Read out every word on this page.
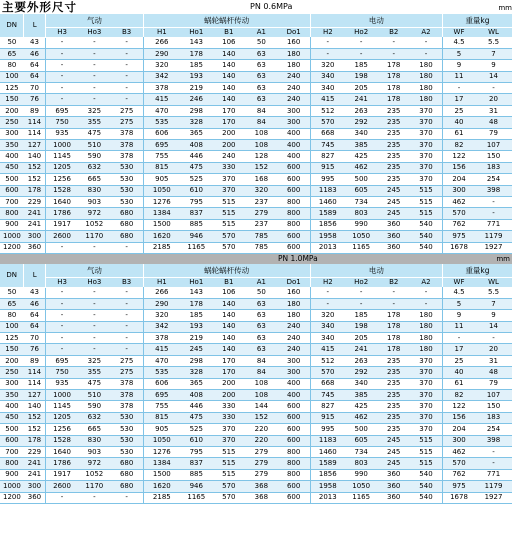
主要外形尺寸	PN 0.6MPa	mm
DN	L	气动			蜗轮蜗杆传动					电动				重量kg	
		H3	Ho3	B3	H1	Ho1	B1	A1	Do1	H2	Ho2	B2	A2	WF	WL
50	43	-	-	-	266	143	106	50	160	-	-	-	-	4.5	5.5
65	46	-	-	-	290	178	140	63	180	-	-	-	-	5	7
80	64	-	-	-	320	185	140	63	180	320	185	178	180	9	9
100	64	-	-	-	342	193	140	63	240	340	198	178	180	11	14
125	70	-	-	-	378	219	140	63	240	340	205	178	180	-	-
150	76	-	-	-	415	246	140	63	240	415	241	178	180	17	20
200	89	695	325	275	470	298	170	84	300	512	263	235	370	25	31
250	114	750	355	275	535	328	170	84	300	570	292	235	370	40	48
300	114	935	475	378	606	365	200	108	400	668	340	235	370	61	79
350	127	1000	510	378	695	408	200	108	400	745	385	235	370	82	107
400	140	1145	590	378	755	446	240	128	400	827	425	235	370	122	150
450	152	1205	632	530	815	475	330	152	600	915	462	235	370	156	183
500	152	1256	665	530	905	525	370	168	600	995	500	235	370	204	254
600	178	1528	830	530	1050	610	370	320	600	1183	605	245	515	300	398
700	229	1640	903	530	1276	795	515	237	800	1460	734	245	515	462	-
800	241	1786	972	680	1384	837	515	279	800	1589	803	245	515	570	-
900	241	1917	1052	680	1500	885	515	237	800	1856	990	360	540	762	771
1000	300	2600	1170	680	1620	946	570	785	600	1958	1050	360	540	975	1179
1200	360	-	-	-	2185	1165	570	785	600	2013	1165	360	540	1678	1927
PN 1.0MPa	mm
DN	L	气动			蜗轮蜗杆传动					电动				重量kg	
		H3	Ho3	B3	H1	Ho1	B1	A1	Do1	H2	Ho2	B2	A2	WF	WL
50	43	-	-	-	266	143	106	50	160	-	-	-	-	4.5	5.5
65	46	-	-	-	290	178	140	63	180	-	-	-	-	5	7
80	64	-	-	-	320	185	140	63	180	320	185	178	180	9	9
100	64	-	-	-	342	193	140	63	240	340	198	178	180	11	14
125	70	-	-	-	378	219	140	63	240	340	205	178	180	-	-
150	76	-	-	-	415	245	140	63	240	415	241	178	180	17	20
200	89	695	325	275	470	298	170	84	300	512	263	235	370	25	31
250	114	750	355	275	535	328	170	84	300	570	292	235	370	40	48
300	114	935	475	378	606	365	200	108	400	668	340	235	370	61	79
350	127	1000	510	378	695	408	200	108	400	745	385	235	370	82	107
400	140	1145	590	378	755	446	330	144	600	827	425	235	370	122	150
450	152	1205	632	530	815	475	330	152	600	915	462	235	370	156	183
500	152	1256	665	530	905	525	370	220	600	995	500	235	370	204	254
600	178	1528	830	530	1050	610	370	220	600	1183	605	245	515	300	398
700	229	1640	903	530	1276	795	515	279	800	1460	734	245	515	462	-
800	241	1786	972	680	1384	837	515	279	800	1589	803	245	515	570	-
900	241	1917	1052	680	1500	885	515	279	800	1856	990	360	540	762	771
1000	300	2600	1170	680	1620	946	570	368	600	1958	1050	360	540	975	1179
1200	360	-	-	-	2185	1165	570	368	600	2013	1165	360	540	1678	1927
